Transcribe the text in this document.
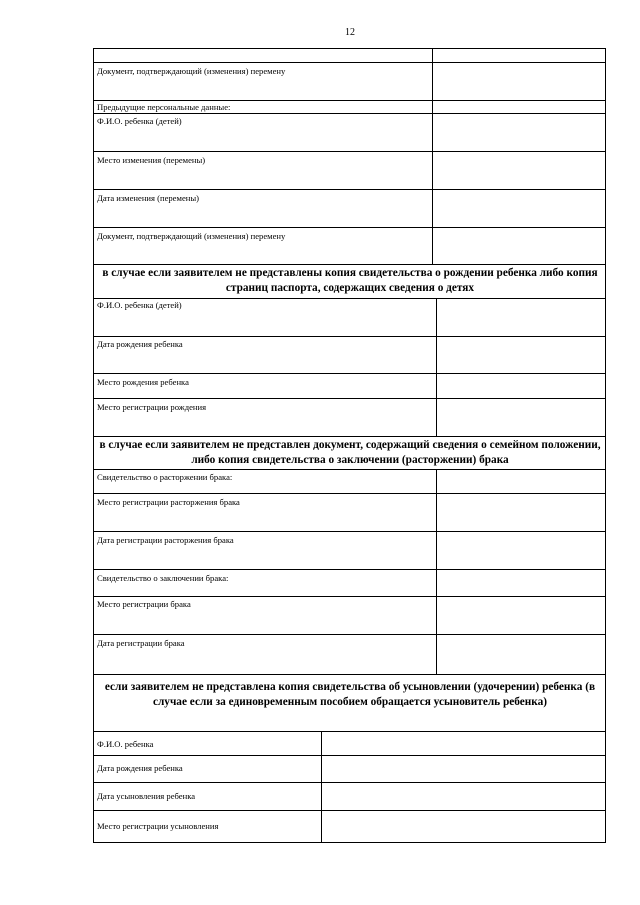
12
Документ, подтверждающий (изменения) перемену
Предыдущие персональные данные:
Ф.И.О. ребенка (детей)
Место изменения (перемены)
Дата изменения (перемены)
Документ, подтверждающий (изменения) перемену
в случае если заявителем не представлены копия свидетельства о рождении ребенка либо копия страниц паспорта, содержащих сведения о детях
Ф.И.О. ребенка (детей)
Дата рождения ребенка
Место рождения ребенка
Место регистрации рождения
в случае если заявителем не представлен документ, содержащий сведения о семейном положении, либо копия свидетельства о заключении (расторжении) брака
Свидетельство о расторжении брака:
Место регистрации расторжения брака
Дата регистрации расторжения брака
Свидетельство о заключении брака:
Место регистрации брака
Дата регистрации брака
если заявителем не представлена копия свидетельства об усыновлении (удочерении) ребенка (в случае если за единовременным пособием обращается усыновитель ребенка)
Ф.И.О. ребенка
Дата рождения ребенка
Дата усыновления ребенка
Место регистрации усыновления
